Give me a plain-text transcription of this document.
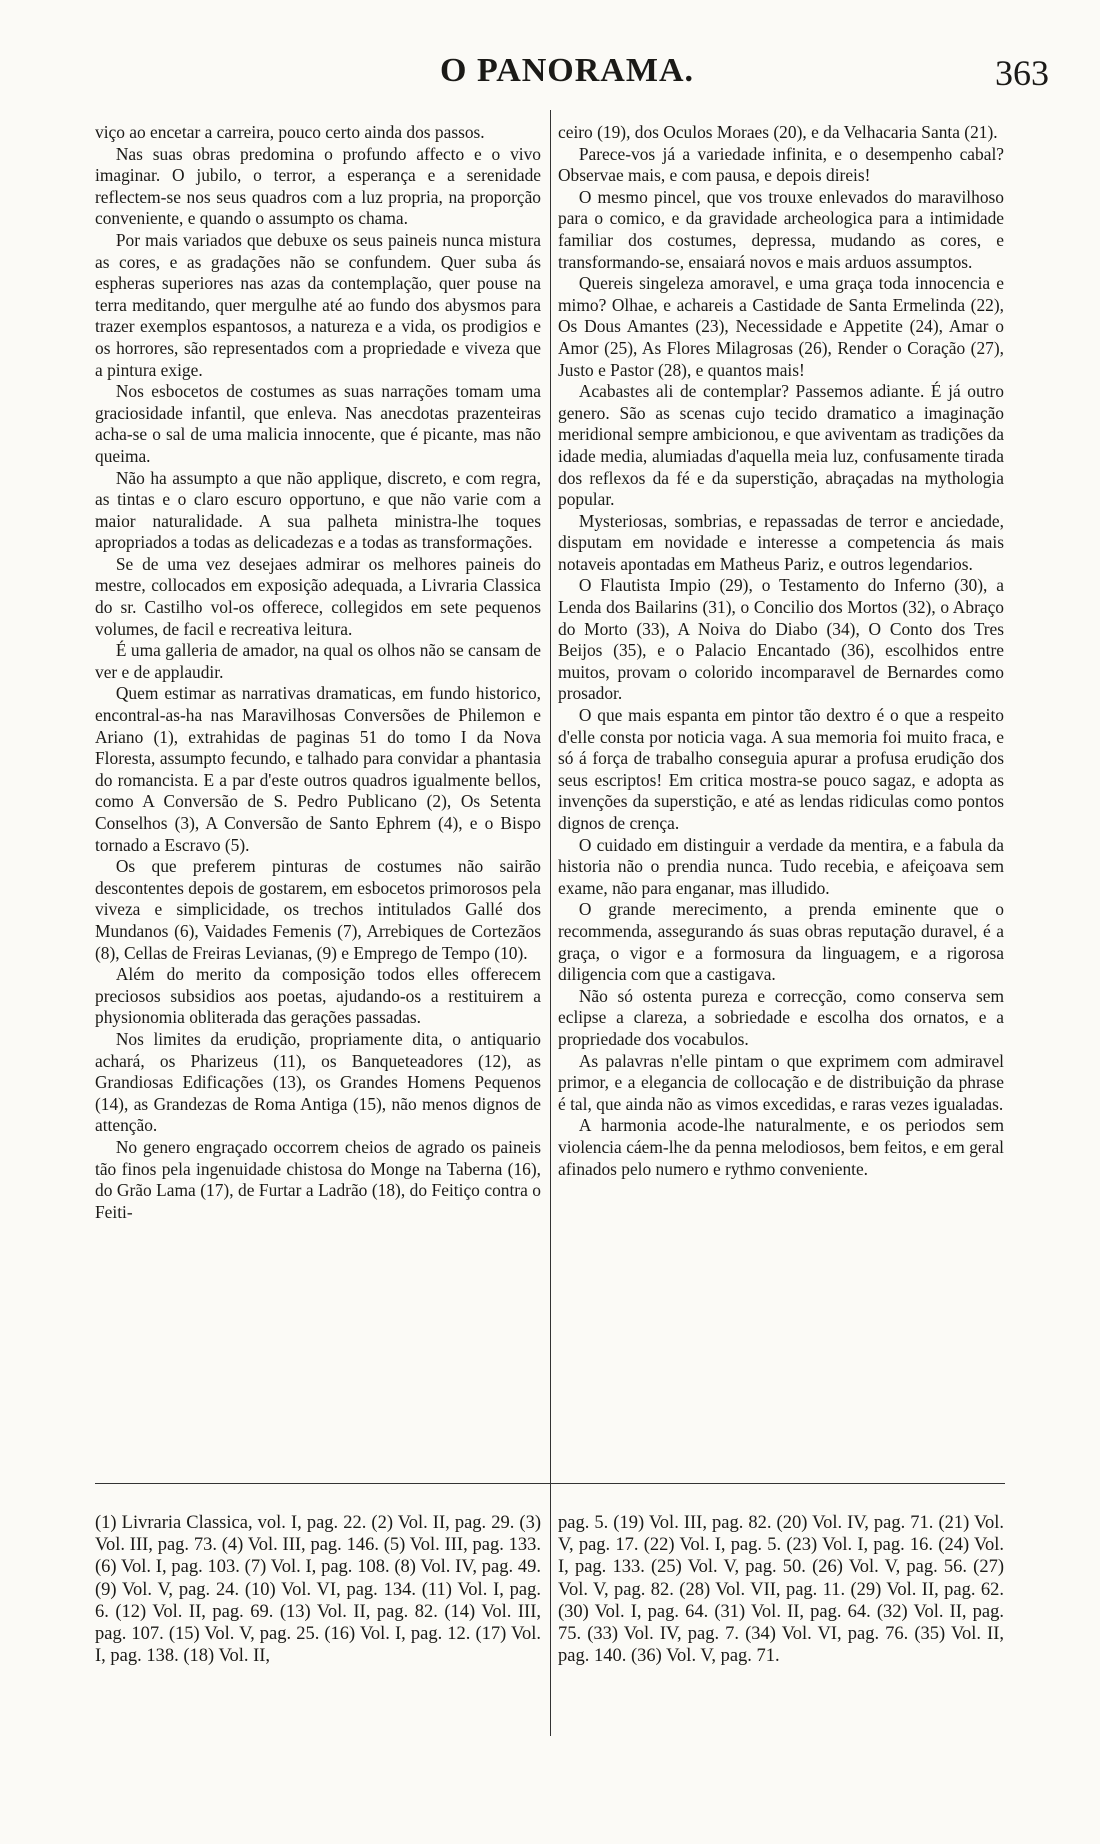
O PANORAMA.	363

viço ao encetar a carreira, pouco certo ainda dos passos.

Nas suas obras predomina o profundo affecto e o vivo imaginar. O jubilo, o terror, a esperança e a serenidade reflectem-se nos seus quadros com a luz propria, na proporção conveniente, e quando o assumpto os chama.

Por mais variados que debuxe os seus paineis nunca mistura as cores, e as gradações não se confundem. Quer suba ás espheras superiores nas azas da contemplação, quer pouse na terra meditando, quer mergulhe até ao fundo dos abysmos para trazer exemplos espantosos, a natureza e a vida, os prodigios e os horrores, são representados com a propriedade e viveza que a pintura exige.

Nos esbocetos de costumes as suas narrações tomam uma graciosidade infantil, que enleva. Nas anecdotas prazenteiras acha-se o sal de uma malicia innocente, que é picante, mas não queima.

Não ha assumpto a que não applique, discreto, e com regra, as tintas e o claro escuro opportuno, e que não varie com a maior naturalidade. A sua palheta ministra-lhe toques apropriados a todas as delicadezas e a todas as transformações.

Se de uma vez desejaes admirar os melhores paineis do mestre, collocados em exposição adequada, a Livraria Classica do sr. Castilho vol-os offerece, collegidos em sete pequenos volumes, de facil e recreativa leitura.

É uma galleria de amador, na qual os olhos não se cansam de ver e de applaudir.

Quem estimar as narrativas dramaticas, em fundo historico, encontral-as-ha nas Maravilhosas Conversões de Philemon e Ariano (1), extrahidas de paginas 51 do tomo I da Nova Floresta, assumpto fecundo, e talhado para convidar a phantasia do romancista. E a par d'este outros quadros igualmente bellos, como A Conversão de S. Pedro Publicano (2), Os Setenta Conselhos (3), A Conversão de Santo Ephrem (4), e o Bispo tornado a Escravo (5).

Os que preferem pinturas de costumes não sairão descontentes depois de gostarem, em esbocetos primorosos pela viveza e simplicidade, os trechos intitulados Gallé dos Mundanos (6), Vaidades Femenis (7), Arrebiques de Cortezãos (8), Cellas de Freiras Levianas, (9) e Emprego de Tempo (10).

Além do merito da composição todos elles offerecem preciosos subsidios aos poetas, ajudando-os a restituirem a physionomia obliterada das gerações passadas.

Nos limites da erudição, propriamente dita, o antiquario achará, os Pharizeus (11), os Banqueteadores (12), as Grandiosas Edificações (13), os Grandes Homens Pequenos (14), as Grandezas de Roma Antiga (15), não menos dignos de attenção.

No genero engraçado occorrem cheios de agrado os paineis tão finos pela ingenuidade chistosa do Monge na Taberna (16), do Grão Lama (17), de Furtar a Ladrão (18), do Feitiço contra o Feiti-

ceiro (19), dos Oculos Moraes (20), e da Velhacaria Santa (21).

Parece-vos já a variedade infinita, e o desempenho cabal? Observae mais, e com pausa, e depois direis!

O mesmo pincel, que vos trouxe enlevados do maravilhoso para o comico, e da gravidade archeologica para a intimidade familiar dos costumes, depressa, mudando as cores, e transformando-se, ensaiará novos e mais arduos assumptos.

Quereis singeleza amoravel, e uma graça toda innocencia e mimo? Olhae, e achareis a Castidade de Santa Ermelinda (22), Os Dous Amantes (23), Necessidade e Appetite (24), Amar o Amor (25), As Flores Milagrosas (26), Render o Coração (27), Justo e Pastor (28), e quantos mais!

Acabastes ali de contemplar? Passemos adiante. É já outro genero. São as scenas cujo tecido dramatico a imaginação meridional sempre ambicionou, e que aviventam as tradições da idade media, alumiadas d'aquella meia luz, confusamente tirada dos reflexos da fé e da superstição, abraçadas na mythologia popular.

Mysteriosas, sombrias, e repassadas de terror e anciedade, disputam em novidade e interesse a competencia ás mais notaveis apontadas em Matheus Pariz, e outros legendarios.

O Flautista Impio (29), o Testamento do Inferno (30), a Lenda dos Bailarins (31), o Concilio dos Mortos (32), o Abraço do Morto (33), A Noiva do Diabo (34), O Conto dos Tres Beijos (35), e o Palacio Encantado (36), escolhidos entre muitos, provam o colorido incomparavel de Bernardes como prosador.

O que mais espanta em pintor tão dextro é o que a respeito d'elle consta por noticia vaga. A sua memoria foi muito fraca, e só á força de trabalho conseguia apurar a profusa erudição dos seus escriptos! Em critica mostra-se pouco sagaz, e adopta as invenções da superstição, e até as lendas ridiculas como pontos dignos de crença.

O cuidado em distinguir a verdade da mentira, e a fabula da historia não o prendia nunca. Tudo recebia, e afeiçoava sem exame, não para enganar, mas illudido.

O grande merecimento, a prenda eminente que o recommenda, assegurando ás suas obras reputação duravel, é a graça, o vigor e a formosura da linguagem, e a rigorosa diligencia com que a castigava.

Não só ostenta pureza e correcção, como conserva sem eclipse a clareza, a sobriedade e escolha dos ornatos, e a propriedade dos vocabulos.

As palavras n'elle pintam o que exprimem com admiravel primor, e a elegancia de collocação e de distribuição da phrase é tal, que ainda não as vimos excedidas, e raras vezes igualadas.

A harmonia acode-lhe naturalmente, e os periodos sem violencia cáem-lhe da penna melodiosos, bem feitos, e em geral afinados pelo numero e rythmo conveniente.

(1) Livraria Classica, vol. I, pag. 22. (2) Vol. II, pag. 29. (3) Vol. III, pag. 73. (4) Vol. III, pag. 146. (5) Vol. III, pag. 133. (6) Vol. I, pag. 103. (7) Vol. I, pag. 108. (8) Vol. IV, pag. 49. (9) Vol. V, pag. 24. (10) Vol. VI, pag. 134. (11) Vol. I, pag. 6. (12) Vol. II, pag. 69. (13) Vol. II, pag. 82. (14) Vol. III, pag. 107. (15) Vol. V, pag. 25. (16) Vol. I, pag. 12. (17) Vol. I, pag. 138. (18) Vol. II,

pag. 5. (19) Vol. III, pag. 82. (20) Vol. IV, pag. 71. (21) Vol. V, pag. 17. (22) Vol. I, pag. 5. (23) Vol. I, pag. 16. (24) Vol. I, pag. 133. (25) Vol. V, pag. 50. (26) Vol. V, pag. 56. (27) Vol. V, pag. 82. (28) Vol. VII, pag. 11. (29) Vol. II, pag. 62. (30) Vol. I, pag. 64. (31) Vol. II, pag. 64. (32) Vol. II, pag. 75. (33) Vol. IV, pag. 7. (34) Vol. VI, pag. 76. (35) Vol. II, pag. 140. (36) Vol. V, pag. 71.
